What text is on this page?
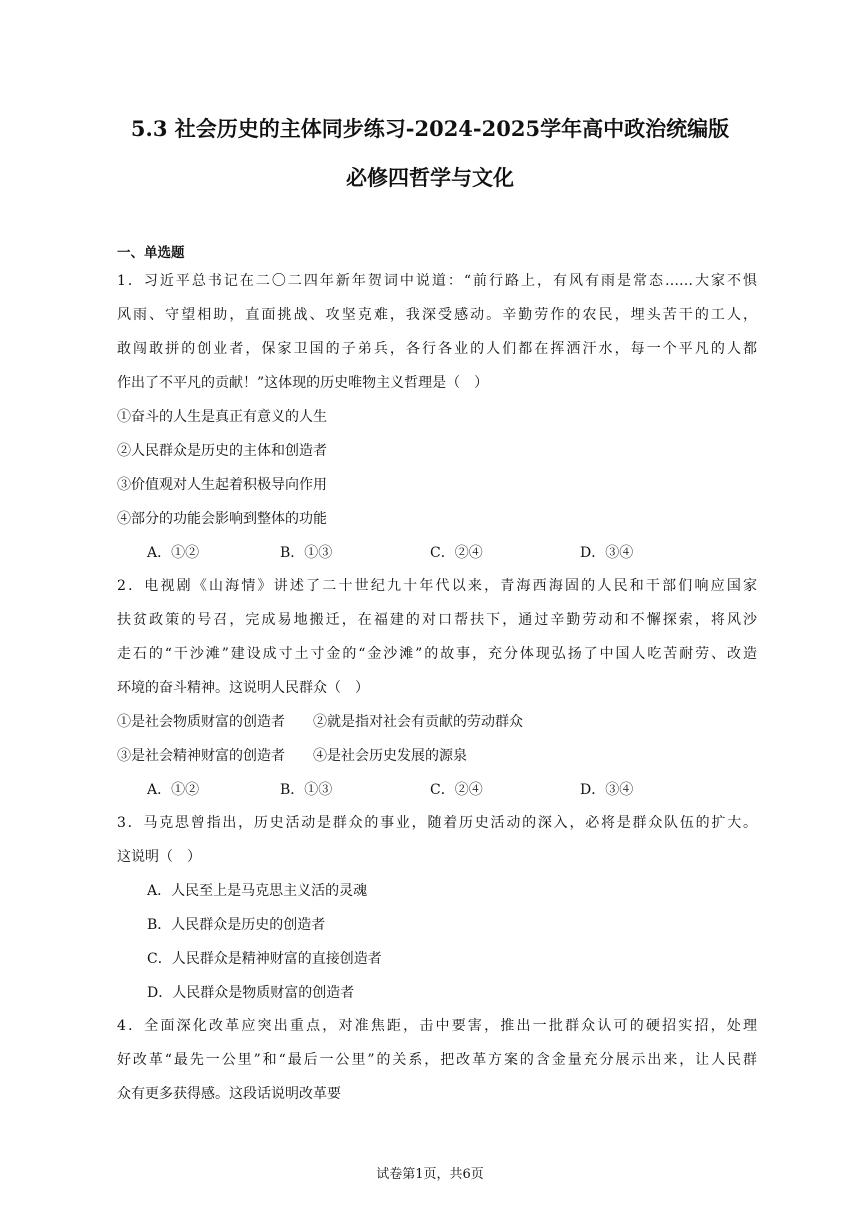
5.3 社会历史的主体同步练习-2024-2025学年高中政治统编版
必修四哲学与文化
一、单选题
1．习近平总书记在二〇二四年新年贺词中说道：“前行路上，有风有雨是常态……大家不惧
风雨、守望相助，直面挑战、攻坚克难，我深受感动。辛勤劳作的农民，埋头苦干的工人，
敢闯敢拼的创业者，保家卫国的子弟兵，各行各业的人们都在挥洒汗水，每一个平凡的人都
作出了不平凡的贡献！”这体现的历史唯物主义哲理是（　）
①奋斗的人生是真正有意义的人生
②人民群众是历史的主体和创造者
③价值观对人生起着积极导向作用
④部分的功能会影响到整体的功能
A．①②	B．①③	C．②④	D．③④
2．电视剧《山海情》讲述了二十世纪九十年代以来，青海西海固的人民和干部们响应国家
扶贫政策的号召，完成易地搬迁，在福建的对口帮扶下，通过辛勤劳动和不懈探索，将风沙
走石的“干沙滩”建设成寸土寸金的“金沙滩”的故事，充分体现弘扬了中国人吃苦耐劳、改造
环境的奋斗精神。这说明人民群众（　）
①是社会物质财富的创造者　　②就是指对社会有贡献的劳动群众
③是社会精神财富的创造者　　④是社会历史发展的源泉
A．①②	B．①③	C．②④	D．③④
3．马克思曾指出，历史活动是群众的事业，随着历史活动的深入，必将是群众队伍的扩大。
这说明（　）
A．人民至上是马克思主义活的灵魂
B．人民群众是历史的创造者
C．人民群众是精神财富的直接创造者
D．人民群众是物质财富的创造者
4．全面深化改革应突出重点，对准焦距，击中要害，推出一批群众认可的硬招实招，处理
好改革“最先一公里”和“最后一公里”的关系，把改革方案的含金量充分展示出来，让人民群
众有更多获得感。这段话说明改革要
试卷第1页，共6页
